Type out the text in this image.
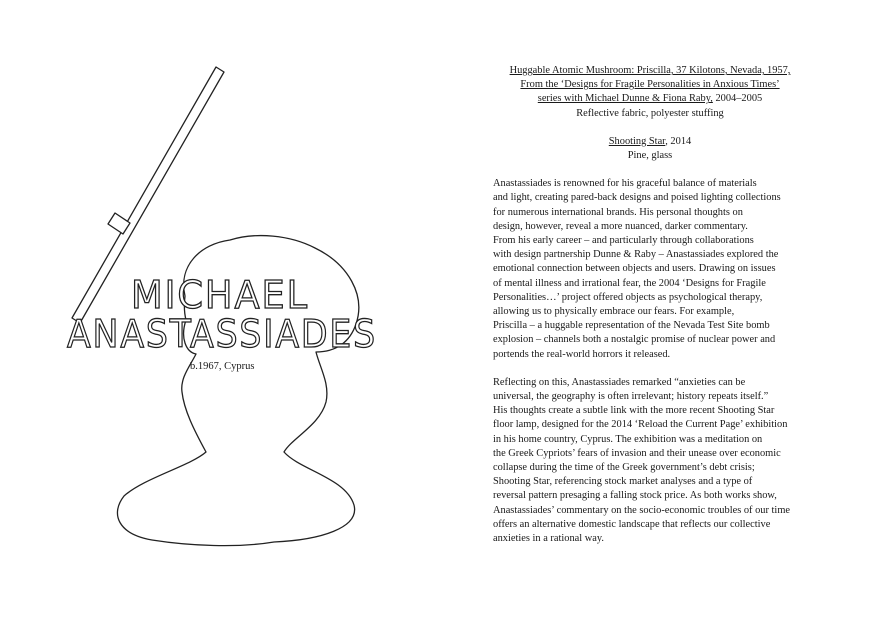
MICHAEL
ANASTASSIADES
b.1967, Cyprus
Huggable Atomic Mushroom: Priscilla, 37 Kilotons, Nevada, 1957,
From the ‘Designs for Fragile Personalities in Anxious Times’
series with Michael Dunne & Fiona Raby, 2004–2005
Reflective fabric, polyester stuffing
Shooting Star, 2014
Pine, glass

Anastassiades is renowned for his graceful balance of materials
and light, creating pared-back designs and poised lighting collections
for numerous international brands. His personal thoughts on
design, however, reveal a more nuanced, darker commentary.
From his early career – and particularly through collaborations
with design partnership Dunne & Raby – Anastassiades explored the
emotional connection between objects and users. Drawing on issues
of mental illness and irrational fear, the 2004 ‘Designs for Fragile
Personalities…’ project offered objects as psychological therapy,
allowing us to physically embrace our fears. For example,
Priscilla – a huggable representation of the Nevada Test Site bomb
explosion – channels both a nostalgic promise of nuclear power and
portends the real-world horrors it released.

Reflecting on this, Anastassiades remarked “anxieties can be
universal, the geography is often irrelevant; history repeats itself.”
His thoughts create a subtle link with the more recent Shooting Star
floor lamp, designed for the 2014 ‘Reload the Current Page’ exhibition
in his home country, Cyprus. The exhibition was a meditation on
the Greek Cypriots’ fears of invasion and their unease over economic
collapse during the time of the Greek government’s debt crisis;
Shooting Star, referencing stock market analyses and a type of
reversal pattern presaging a falling stock price. As both works show,
Anastassiades’ commentary on the socio-economic troubles of our time
offers an alternative domestic landscape that reflects our collective
anxieties in a rational way.
